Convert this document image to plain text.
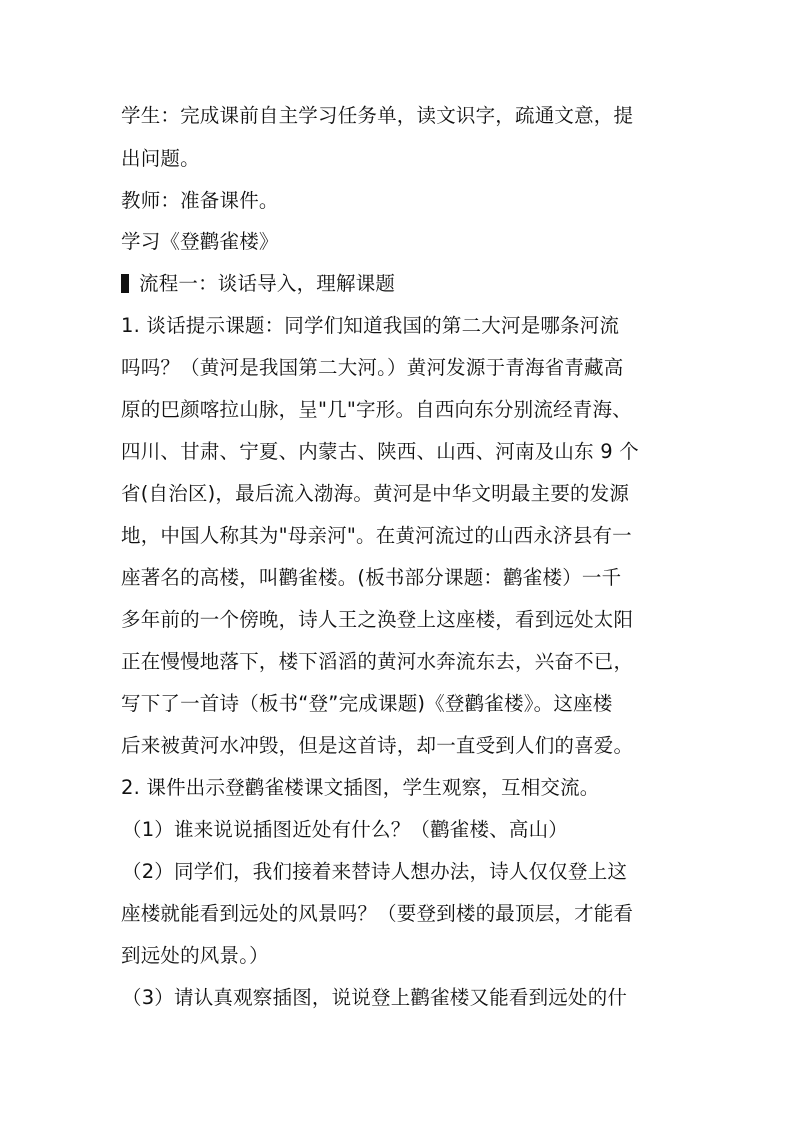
学生：完成课前自主学习任务单，读文识字，疏通文意，提
出问题。
教师：准备课件。
学习《登鹳雀楼》
流程一：谈话导入，理解课题
1. 谈话提示课题：同学们知道我国的第二大河是哪条河流
吗吗？（黄河是我国第二大河。）黄河发源于青海省青藏高
原的巴颜喀拉山脉，呈"几"字形。自西向东分别流经青海、
四川、甘肃、宁夏、内蒙古、陕西、山西、河南及山东 9 个
省(自治区)，最后流入渤海。黄河是中华文明最主要的发源
地，中国人称其为"母亲河"。在黄河流过的山西永济县有一
座著名的高楼，叫鹳雀楼。(板书部分课题：鹳雀楼）一千
多年前的一个傍晚，诗人王之涣登上这座楼，看到远处太阳
正在慢慢地落下，楼下滔滔的黄河水奔流东去，兴奋不已，
写下了一首诗（板书“登”完成课题)《登鹳雀楼》。这座楼
后来被黄河水冲毁，但是这首诗，却一直受到人们的喜爱。
2. 课件出示登鹳雀楼课文插图，学生观察，互相交流。
（1）谁来说说插图近处有什么？（鹳雀楼、高山）
（2）同学们，我们接着来替诗人想办法，诗人仅仅登上这
座楼就能看到远处的风景吗？（要登到楼的最顶层，才能看
到远处的风景。）
（3）请认真观察插图，说说登上鹳雀楼又能看到远处的什
